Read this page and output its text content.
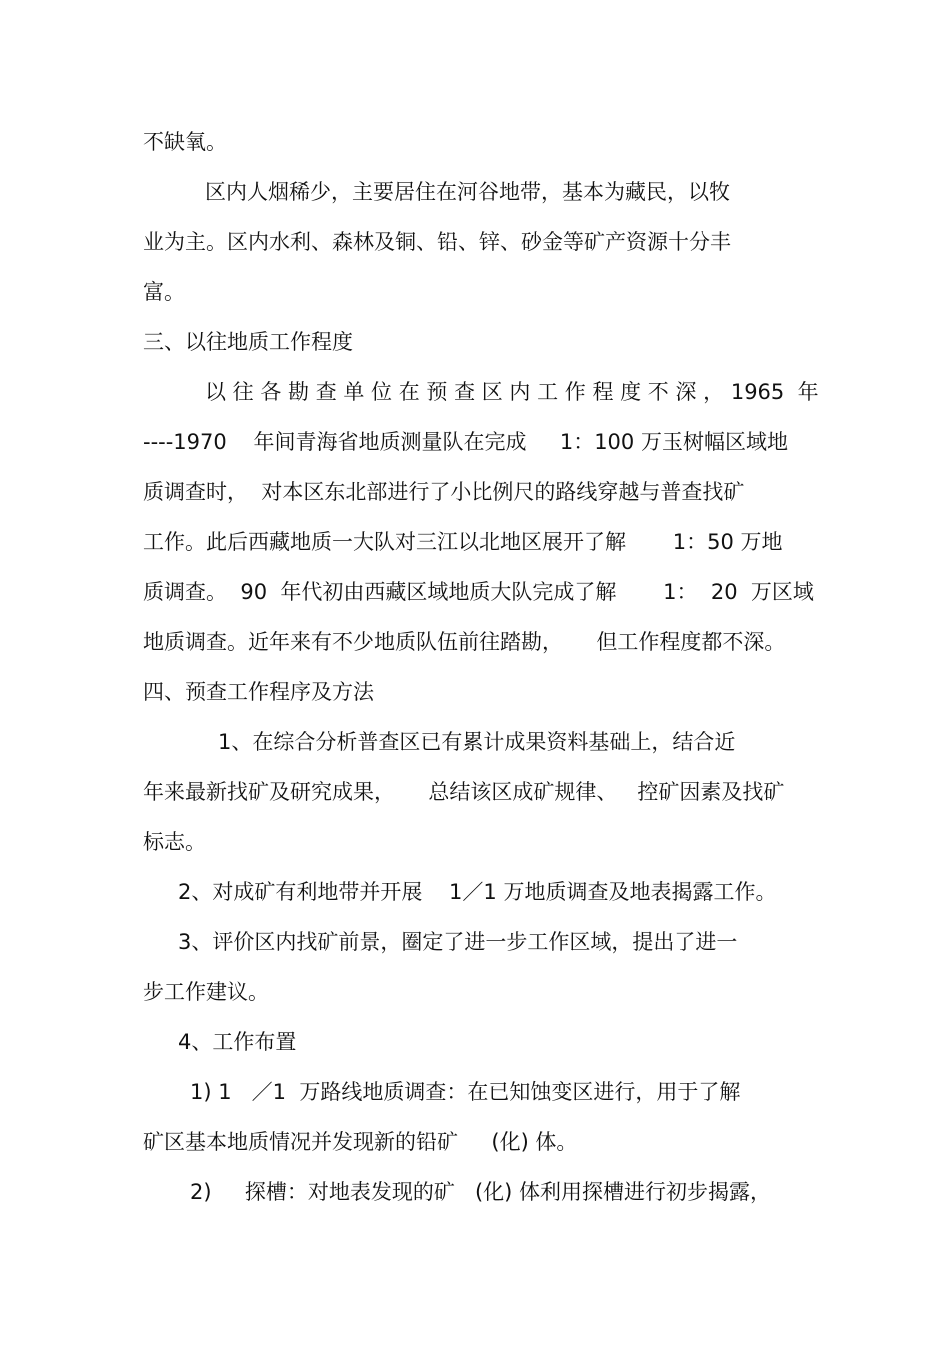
不缺氧。
区内人烟稀少，主要居住在河谷地带，基本为藏民，以牧
业为主。区内水利、森林及铜、铅、锌、砂金等矿产资源十分丰
富。
三、以往地质工作程度
以 往 各 勘 查 单 位 在 预 查 区 内 工 作 程 度 不 深 ， 1965  年
----1970    年间青海省地质测量队在完成     1：100 万玉树幅区域地
质调查时，  对本区东北部进行了小比例尺的路线穿越与普查找矿
工作。此后西藏地质一大队对三江以北地区展开了解       1：50 万地
质调查。  90  年代初由西藏区域地质大队完成了解       1：  20  万区域
地质调查。近年来有不少地质队伍前往踏勘，     但工作程度都不深。
四、预查工作程序及方法
1、在综合分析普查区已有累计成果资料基础上，结合近
年来最新找矿及研究成果，     总结该区成矿规律、   控矿因素及找矿
标志。
2、对成矿有利地带并开展    1／1 万地质调查及地表揭露工作。
3、评价区内找矿前景，圈定了进一步工作区域，提出了进一
步工作建议。
4、工作布置
1) 1   ／1  万路线地质调查：在已知蚀变区进行，用于了解
矿区基本地质情况并发现新的铅矿     (化) 体。
2)     探槽：对地表发现的矿   (化) 体利用探槽进行初步揭露，
